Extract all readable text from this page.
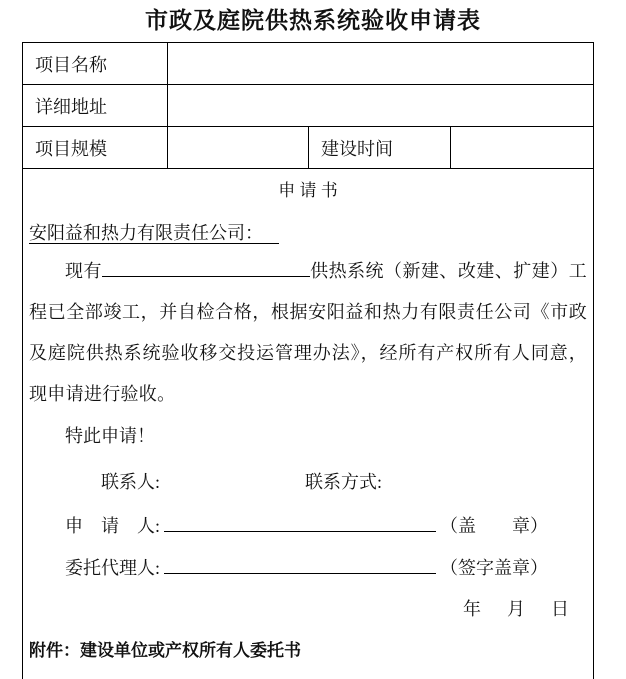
市政及庭院供热系统验收申请表
项目名称
详细地址
项目规模	建设时间
申 请 书
安阳益和热力有限责任公司：

现有	供热系统（新建、改建、扩建）工程已全部竣工，并自检合格，根据安阳益和热力有限责任公司《市政及庭院供热系统验收移交投运管理办法》，经所有产权所有人同意，现申请进行验收。

特此申请！

联系人:	联系方式:

申　请　人:	（盖　　章）

委托代理人:	（签字盖章）

年　月　日

附件：建设单位或产权所有人委托书
